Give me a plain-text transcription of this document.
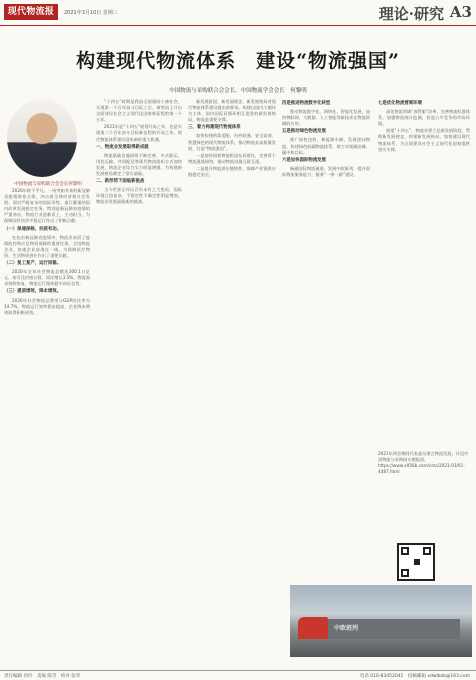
现代物流报	2021年3月10日 星期三	理论·研究 A3
构建现代物流体系　建设“物流强国”
中国物流与采购联合会会长、中国物流学会会长　何黎明
中国物流与采购联合会会长何黎明

2020年极不平凡。一场突如其来的新冠肺炎疫情席卷全球，冲击着全球经济和社会发展。面对严峻复杂的国际形势、艰巨繁重的国内改革发展稳定任务，特别是新冠肺炎疫情的严重冲击，物流行业迎难而上，主动担当，为保障国民经济平稳运行作出了积极贡献。

（一）保通保畅，抗疫有功。

在抗击新冠肺炎疫情中，物流业承担了疫情防控和应急物资保障的重要任务，全国物流企业、快递企业奋战在一线，为保障医疗物资、生活物资供应作出了重要贡献。

（二）复工复产，运行回稳。

2020年全年社会物流总额达300.1万亿元，按可比价格计算，同比增长3.5%，物流需求持续恢复，物流运行保持稳中向好态势。

（三）提质增效，降本增效。

2020年社会物流总费用与GDP的比率为14.7%，物流运行效率稳步提高，企业降本增效取得积极成效。

“十四五”时期是我国全面建成小康社会、实现第一个百年奋斗目标之后，乘势而上开启全面建设社会主义现代化国家新征程的第一个五年。

2021年是“十四五”规划开局之年，也是实现第二个百年奋斗目标新征程的开局之年。现代物流体系建设迎来新的重大机遇。

一、物流业发展取得新成就

物流基础设施网络不断完善，多式联运、甩挂运输、共同配送等现代物流组织方式加快发展，物流企业综合实力明显增强，为构建新发展格局奠定了坚实基础。

二、新形势下面临新挑战

当今世界正经历百年未有之大变局，国际环境日趋复杂，不稳定性不确定性明显增加，物流业发展面临新的挑战。

新发展阶段、新发展理念、新发展格局对现代物流体系建设提出新要求。构建以国内大循环为主体、国内国际双循环相互促进的新发展格局，物流是重要支撑。

三、着力构建现代物流体系

加快构建供需适配、内外联通、安全高效、智慧绿色的现代物流体系，推动物流业高质量发展，打造“物流强国”。

一是加快国家物流枢纽布局建设，完善骨干物流通道网络，推动物流设施互联互通。

二是提升物流供应链韧性，保障产业链供应链稳定安全。

四是推进物流数字化转型

推动物流数字化、网络化、智能化发展，加快物联网、大数据、人工智能等新技术在物流领域的应用。

五是推动绿色物流发展

推广绿色包装、新能源车辆，发展逆向物流，构建绿色低碳物流体系，助力实现碳达峰、碳中和目标。

六是加快国际物流发展

畅通国际物流通道，发展中欧班列，提升国际物流服务能力，服务“一带一路”建设。

七是优化物流营商环境

深化物流领域“放管服”改革，完善物流标准体系，加强物流统计监测，营造公平竞争的市场环境。

展望“十四五”，物流业要立足新发展阶段，贯彻新发展理念，构建新发展格局，加快建设现代物流体系，为全面建设社会主义现代化国家提供坚实支撑。

2021年两会期间代表委员建言物流发展，详见中国物流与采购网专题报道。
https://www.x956b.com/cms/2021-03/01-4487.html
中欧班列
责任编辑 何玲　美编 陈雪　校对 张华	电话 010-83452041　投稿邮箱 xdwlbzb@163.com
